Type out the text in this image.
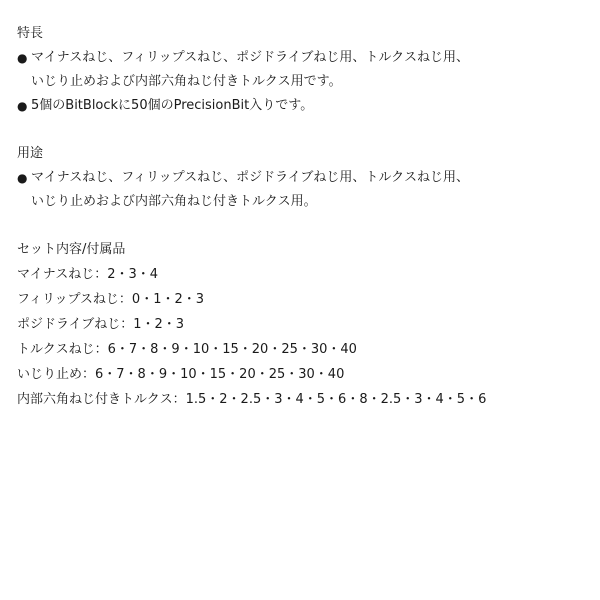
特長
● マイナスねじ、フィリップスねじ、ポジドライブねじ用、トルクスねじ用、
いじり止めおよび内部六角ねじ付きトルクス用です。
● 5個のBitBlockに50個のPrecisionBit入りです。
用途
● マイナスねじ、フィリップスねじ、ポジドライブねじ用、トルクスねじ用、
いじり止めおよび内部六角ねじ付きトルクス用。
セット内容/付属品
マイナスねじ：2・3・4
フィリップスねじ：0・1・2・3
ポジドライブねじ：1・2・3
トルクスねじ：6・7・8・9・10・15・20・25・30・40
いじり止め：6・7・8・9・10・15・20・25・30・40
内部六角ねじ付きトルクス：1.5・2・2.5・3・4・5・6・8・2.5・3・4・5・6
